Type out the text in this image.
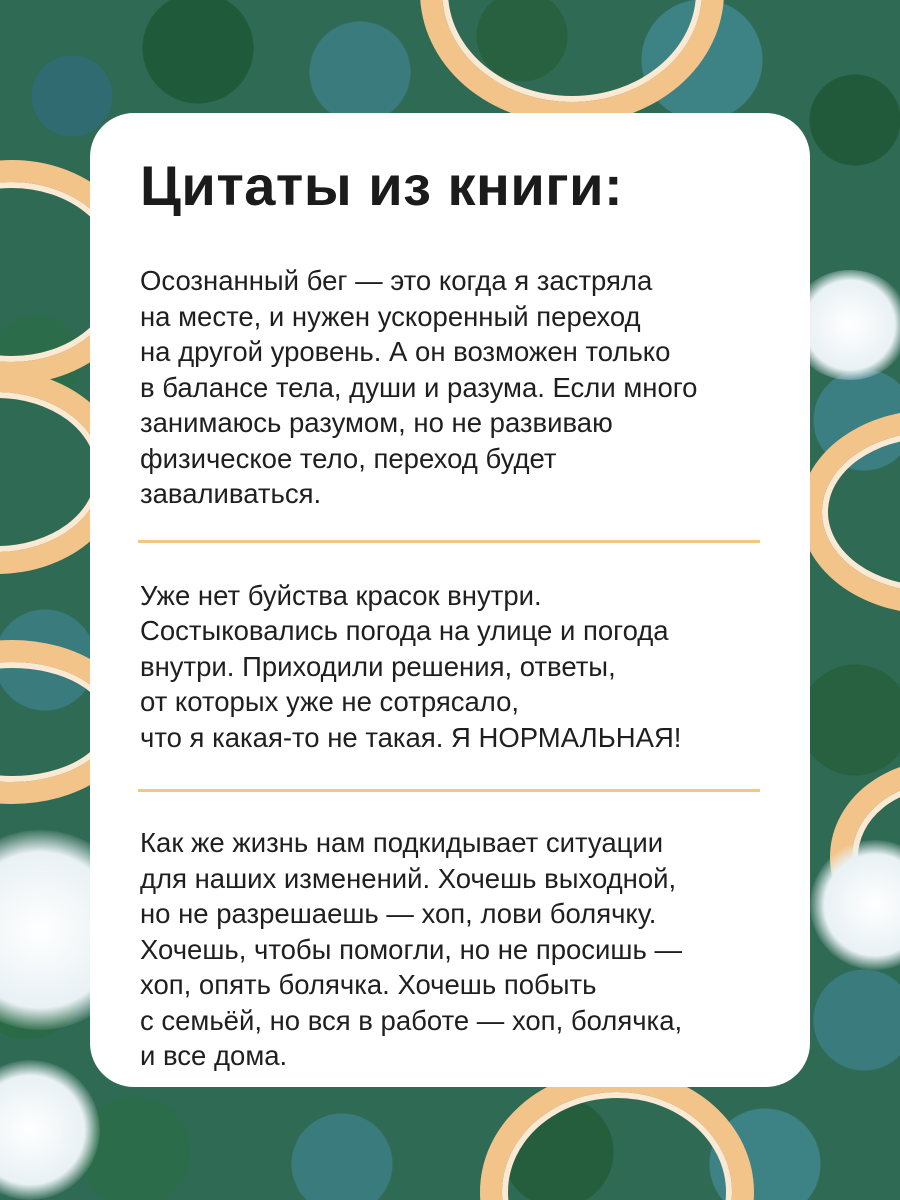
Цитаты из книги:

Осознанный бег — это когда я застряла
на месте, и нужен ускоренный переход
на другой уровень. А он возможен только
в балансе тела, души и разума. Если много
занимаюсь разумом, но не развиваю
физическое тело, переход будет
заваливаться.

Уже нет буйства красок внутри.
Состыковались погода на улице и погода
внутри. Приходили решения, ответы,
от которых уже не сотрясало,
что я какая-то не такая. Я НОРМАЛЬНАЯ!

Как же жизнь нам подкидывает ситуации
для наших изменений. Хочешь выходной,
но не разрешаешь — хоп, лови болячку.
Хочешь, чтобы помогли, но не просишь —
хоп, опять болячка. Хочешь побыть
с семьёй, но вся в работе — хоп, болячка,
и все дома.
